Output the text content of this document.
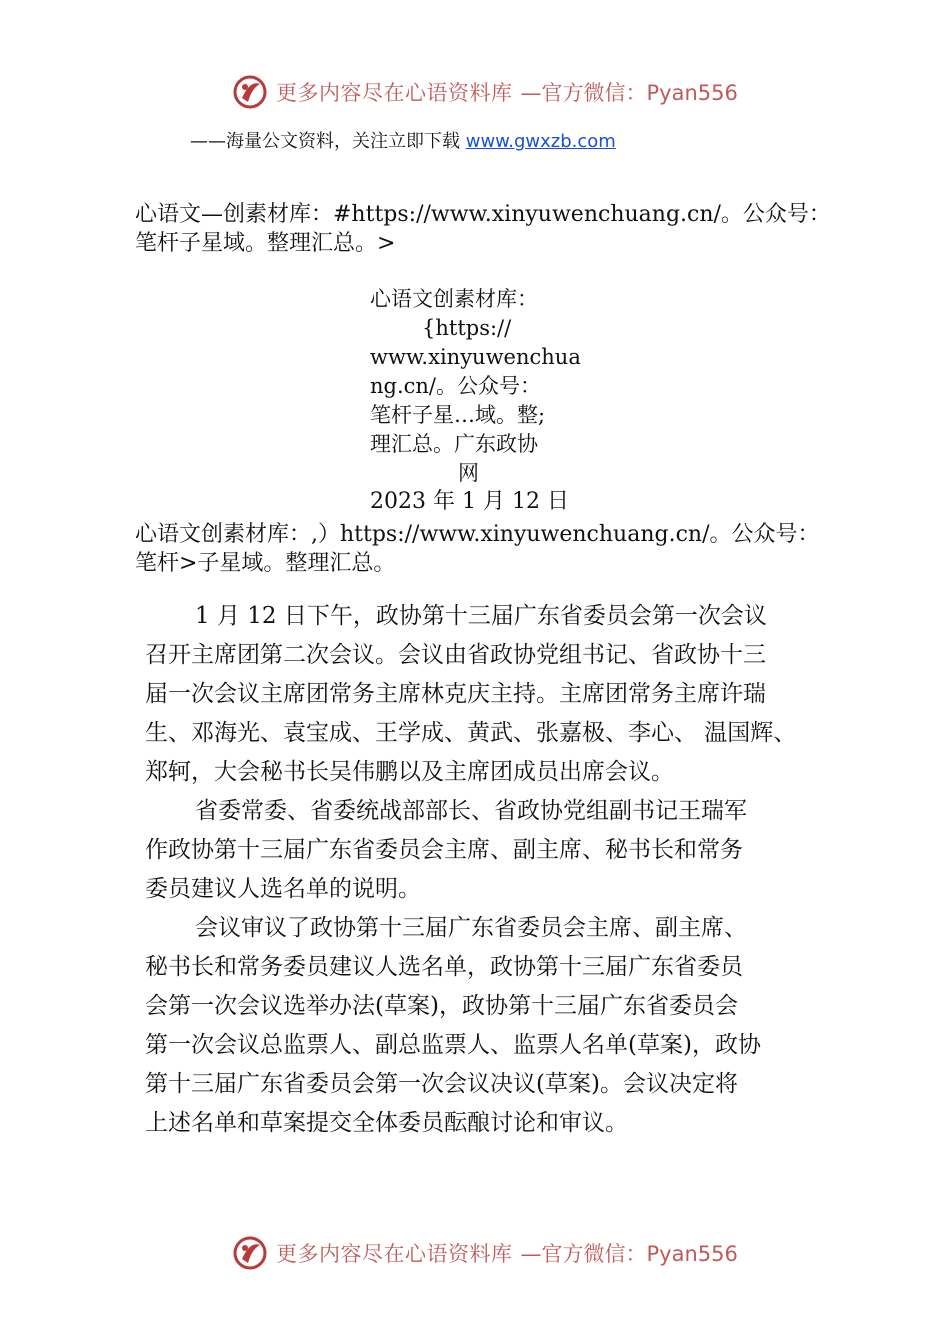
更多内容尽在心语资料库 —官方微信：Pyan556
——海量公文资料，关注立即下载 www.gwxzb.com

心语文—创素材库：#https://www.xinyuwenchuang.cn/。公众号：笔杆子星域。整理汇总。>

心语文创素材库：
{https://
www.xinyuwenchua
ng.cn/。公众号：
笔杆子星…域。整;
理汇总。广东政协
网
2023 年 1 月 12 日

心语文创素材库：,）https://www.xinyuwenchuang.cn/。公众号：笔杆>子星域。整理汇总。

1 月 12 日下午，政协第十三届广东省委员会第一次会议
召开主席团第二次会议。会议由省政协党组书记、省政协十三
届一次会议主席团常务主席林克庆主持。主席团常务主席许瑞
生、邓海光、袁宝成、王学成、黄武、张嘉极、李心、 温国辉、
郑轲，大会秘书长吴伟鹏以及主席团成员出席会议。
省委常委、省委统战部部长、省政协党组副书记王瑞军
作政协第十三届广东省委员会主席、副主席、秘书长和常务
委员建议人选名单的说明。
会议审议了政协第十三届广东省委员会主席、副主席、
秘书长和常务委员建议人选名单，政协第十三届广东省委员
会第一次会议选举办法(草案)，政协第十三届广东省委员会
第一次会议总监票人、副总监票人、监票人名单(草案)，政协
第十三届广东省委员会第一次会议决议(草案)。会议决定将
上述名单和草案提交全体委员酝酿讨论和审议。
更多内容尽在心语资料库 —官方微信：Pyan556
